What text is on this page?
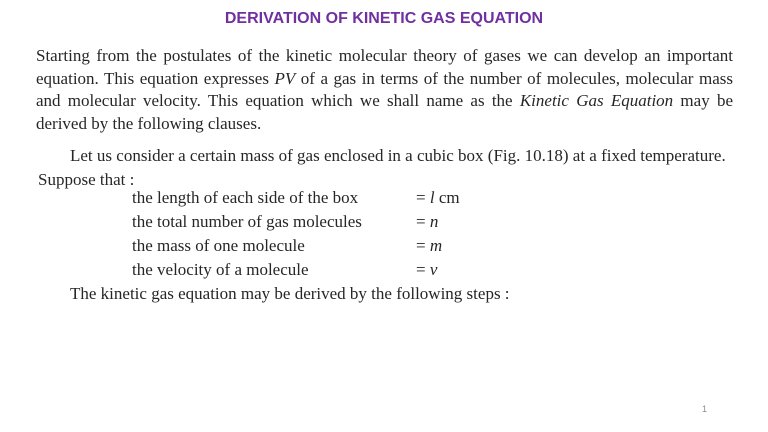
DERIVATION OF KINETIC GAS EQUATION
Starting from the postulates of the kinetic molecular theory of gases we can develop an important equation. This equation expresses PV of a gas in terms of the number of molecules, molecular mass and molecular velocity. This equation which we shall name as the Kinetic Gas Equation may be derived by the following clauses.
Let us consider a certain mass of gas enclosed in a cubic box (Fig. 10.18) at a fixed temperature.
Suppose that :
the length of each side of the box	= l cm
the total number of gas molecules	= n
the mass of one molecule	= m
the velocity of a molecule	= v
The kinetic gas equation may be derived by the following steps :
1
